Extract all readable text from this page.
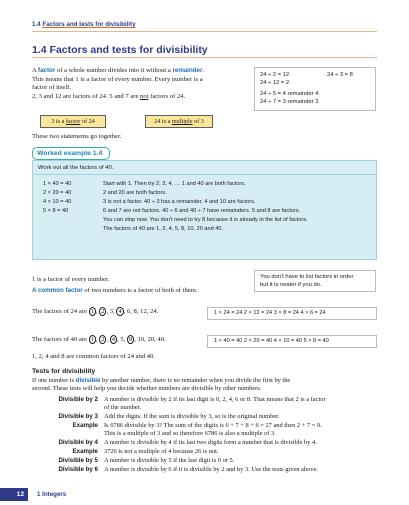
1.4 Factors and tests for divisibility
1.4 Factors and tests for divisibility
A factor of a whole number divides into it without a remainder.
This means that 1 is a factor of every number. Every number is a
factor of itself.
2, 3 and 12 are factors of 24. 5 and 7 are not factors of 24.
24 ÷ 2 = 12
24 ÷ 12 = 2
24 ÷ 3 = 8
24 ÷ 5 = 4 remainder 4
24 ÷ 7 = 3 remainder 3
3 is a factor of 24	24 is a multiple of 3
These two statements go together.
Work out all the factors of 40.
1 × 40 = 40	Start with 1. Then try 2, 3, 4, … 1 and 40 are both factors.
2 × 20 = 40	2 and 20 are both factors.
4 × 10 = 40	3 is not a factor. 40 ÷ 3 has a remainder. 4 and 10 are factors.
5 × 8 = 40	6 and 7 are not factors. 40 ÷ 6 and 40 ÷ 7 have remainders. 5 and 8 are factors.
You can stop now. You don't need to try 8 because it is already in the list of factors.
The factors of 40 are 1, 2, 4, 5, 8, 10, 20 and 40.
Worked example 1.4
1 is a factor of every number.
A common factor of two numbers is a factor of both of them.
You don't have to list factors in order
but it is neater if you do.
The factors of 24 are 1 , 2 , 3, 4 , 6, 8, 12, 24.	1 × 24 = 24 2 × 12 = 24 3 × 8 = 24 4 × 6 = 24
The factors of 40 are 1 , 2 , 4 , 5, 8 , 10, 20, 40.	1 × 40 = 40 2 × 20 = 40 4 × 10 = 40 5 × 8 = 40
1, 2, 4 and 8 are common factors of 24 and 40.
Tests for divisibility
If one number is divisible by another number, there is no remainder when you divide the first by the
second. These tests will help you decide whether numbers are divisible by other numbers.
Divisible by 2 A number is divisible by 2 if its last digit is 0, 2, 4, 6 or 8. That means that 2 is a factor
of the number.
Divisible by 3 Add the digits. If the sum is divisible by 3, so is the original number.
Example Is 6786 divisible by 3? The sum of the digits is 6 + 7 + 8 + 6 = 27 and then 2 + 7 = 9.
This is a multiple of 3 and so therefore 6786 is also a multiple of 3.
Divisible by 4 A number is divisible by 4 if its last two digits form a number that is divisible by 4.
Example 3726 is not a multiple of 4 because 26 is not.
Divisible by 5 A number is divisible by 5 if the last digit is 0 or 5.
Divisible by 6 A number is divisible by 6 if it is divisible by 2 and by 3. Use the tests given above.
12	1 Integers
